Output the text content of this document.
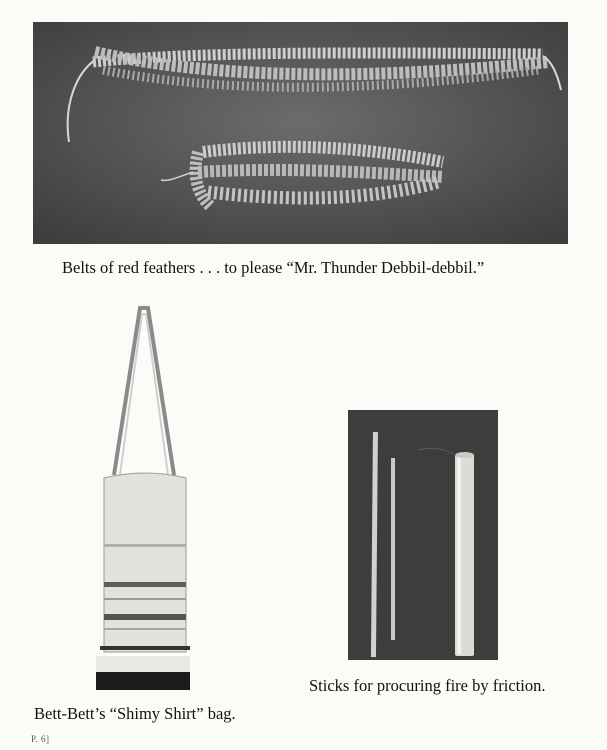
Belts of red feathers . . . to please “Mr. Thunder Debbil-debbil.”
Bett-Bett’s “Shimy Shirt” bag.
Sticks for procuring fire by friction.
P. 6]
